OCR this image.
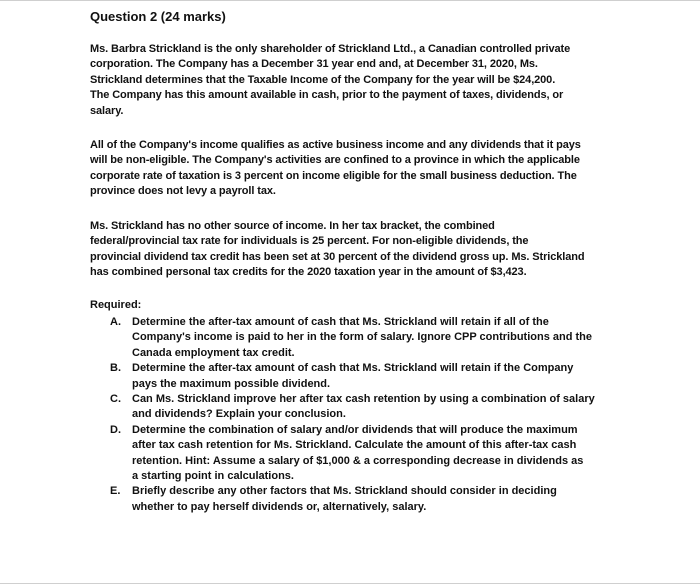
Question 2 (24 marks)
Ms. Barbra Strickland is the only shareholder of Strickland Ltd., a Canadian controlled private
corporation. The Company has a December 31 year end and, at December 31, 2020, Ms.
Strickland determines that the Taxable Income of the Company for the year will be $24,200.
The Company has this amount available in cash, prior to the payment of taxes, dividends, or
salary.
All of the Company's income qualifies as active business income and any dividends that it pays
will be non-eligible. The Company's activities are confined to a province in which the applicable
corporate rate of taxation is 3 percent on income eligible for the small business deduction. The
province does not levy a payroll tax.
Ms. Strickland has no other source of income. In her tax bracket, the combined
federal/provincial tax rate for individuals is 25 percent. For non-eligible dividends, the
provincial dividend tax credit has been set at 30 percent of the dividend gross up. Ms. Strickland
has combined personal tax credits for the 2020 taxation year in the amount of $3,423.
Required:
A. Determine the after-tax amount of cash that Ms. Strickland will retain if all of the
Company's income is paid to her in the form of salary. Ignore CPP contributions and the
Canada employment tax credit.
B. Determine the after-tax amount of cash that Ms. Strickland will retain if the Company
pays the maximum possible dividend.
C. Can Ms. Strickland improve her after tax cash retention by using a combination of salary
and dividends? Explain your conclusion.
D. Determine the combination of salary and/or dividends that will produce the maximum
after tax cash retention for Ms. Strickland. Calculate the amount of this after-tax cash
retention. Hint: Assume a salary of $1,000 & a corresponding decrease in dividends as
a starting point in calculations.
E. Briefly describe any other factors that Ms. Strickland should consider in deciding
whether to pay herself dividends or, alternatively, salary.
